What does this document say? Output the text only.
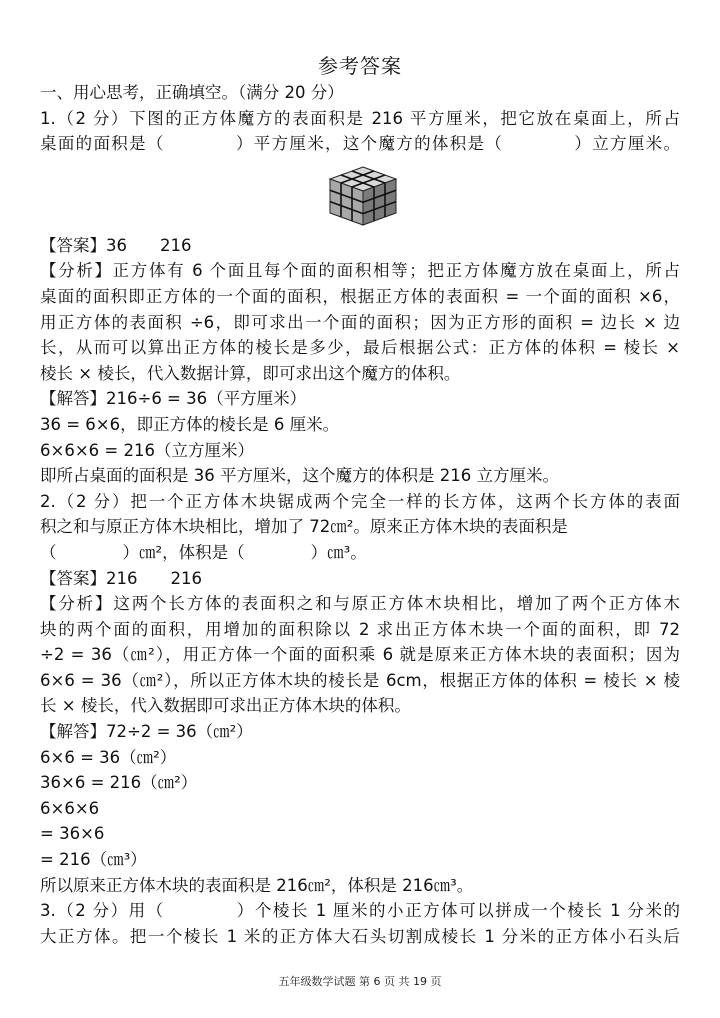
参考答案
一、用心思考，正确填空。（满分 20 分）
1.（2 分）下图的正方体魔方的表面积是 216 平方厘米，把它放在桌面上，所占
桌面的面积是（　　　　）平方厘米，这个魔方的体积是（　　　　）立方厘米。
【答案】36　　216
【分析】正方体有 6 个面且每个面的面积相等；把正方体魔方放在桌面上，所占
桌面的面积即正方体的一个面的面积，根据正方体的表面积 = 一个面的面积 ×6，
用正方体的表面积 ÷6，即可求出一个面的面积；因为正方形的面积 = 边长 × 边
长，从而可以算出正方体的棱长是多少，最后根据公式：正方体的体积 = 棱长 ×
棱长 × 棱长，代入数据计算，即可求出这个魔方的体积。
【解答】216÷6 = 36（平方厘米）
36 = 6×6，即正方体的棱长是 6 厘米。
6×6×6 = 216（立方厘米）
即所占桌面的面积是 36 平方厘米，这个魔方的体积是 216 立方厘米。
2.（2 分）把一个正方体木块锯成两个完全一样的长方体，这两个长方体的表面
积之和与原正方体木块相比，增加了 72㎝²。原来正方体木块的表面积是
（　　　　）㎝²，体积是（　　　　）㎝³。
【答案】216　　216
【分析】这两个长方体的表面积之和与原正方体木块相比，增加了两个正方体木
块的两个面的面积，用增加的面积除以 2 求出正方体木块一个面的面积，即 72
÷2 = 36（㎝²），用正方体一个面的面积乘 6 就是原来正方体木块的表面积；因为
6×6 = 36（㎝²），所以正方体木块的棱长是 6cm，根据正方体的体积 = 棱长 × 棱
长 × 棱长，代入数据即可求出正方体木块的体积。
【解答】72÷2 = 36（㎝²）
6×6 = 36（㎝²）
36×6 = 216（㎝²）
6×6×6
= 36×6
= 216（㎝³）
所以原来正方体木块的表面积是 216㎝²，体积是 216㎝³。
3.（2 分）用（　　　　）个棱长 1 厘米的小正方体可以拼成一个棱长 1 分米的
大正方体。把一个棱长 1 米的正方体大石头切割成棱长 1 分米的正方体小石头后
五年级数学试题 第 6 页 共 19 页
